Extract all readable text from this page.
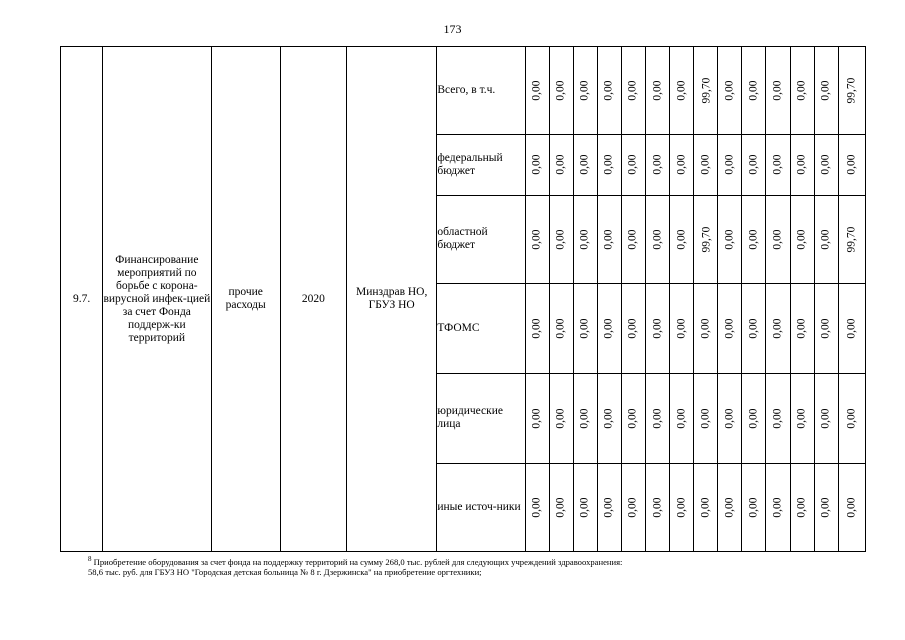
173
9.7.	Финансирование мероприятий по борьбе с корона-вирусной инфек-цией за счет Фонда поддерж-ки территорий	прочие расходы	2020	Минздрав НО, ГБУЗ НО	Всего, в т.ч.	0,00	0,00	0,00	0,00	0,00	0,00	0,00	99,70	0,00	0,00	0,00	0,00	0,00	99,70
					федеральный бюджет	0,00	0,00	0,00	0,00	0,00	0,00	0,00	0,00	0,00	0,00	0,00	0,00	0,00	0,00
					областной бюджет	0,00	0,00	0,00	0,00	0,00	0,00	0,00	99,70	0,00	0,00	0,00	0,00	0,00	99,70
					ТФОМС	0,00	0,00	0,00	0,00	0,00	0,00	0,00	0,00	0,00	0,00	0,00	0,00	0,00	0,00
					юридические лица	0,00	0,00	0,00	0,00	0,00	0,00	0,00	0,00	0,00	0,00	0,00	0,00	0,00	0,00
					иные источ-ники	0,00	0,00	0,00	0,00	0,00	0,00	0,00	0,00	0,00	0,00	0,00	0,00	0,00	0,00
$^8$ Приобретение оборудования за счет фонда на поддержку территорий на сумму 268,0 тыс. рублей для следующих учреждений здравоохранения:
58,6 тыс. руб. для ГБУЗ НО "Городская детская больница № 8 г. Дзержинска" на приобретение оргтехники;
